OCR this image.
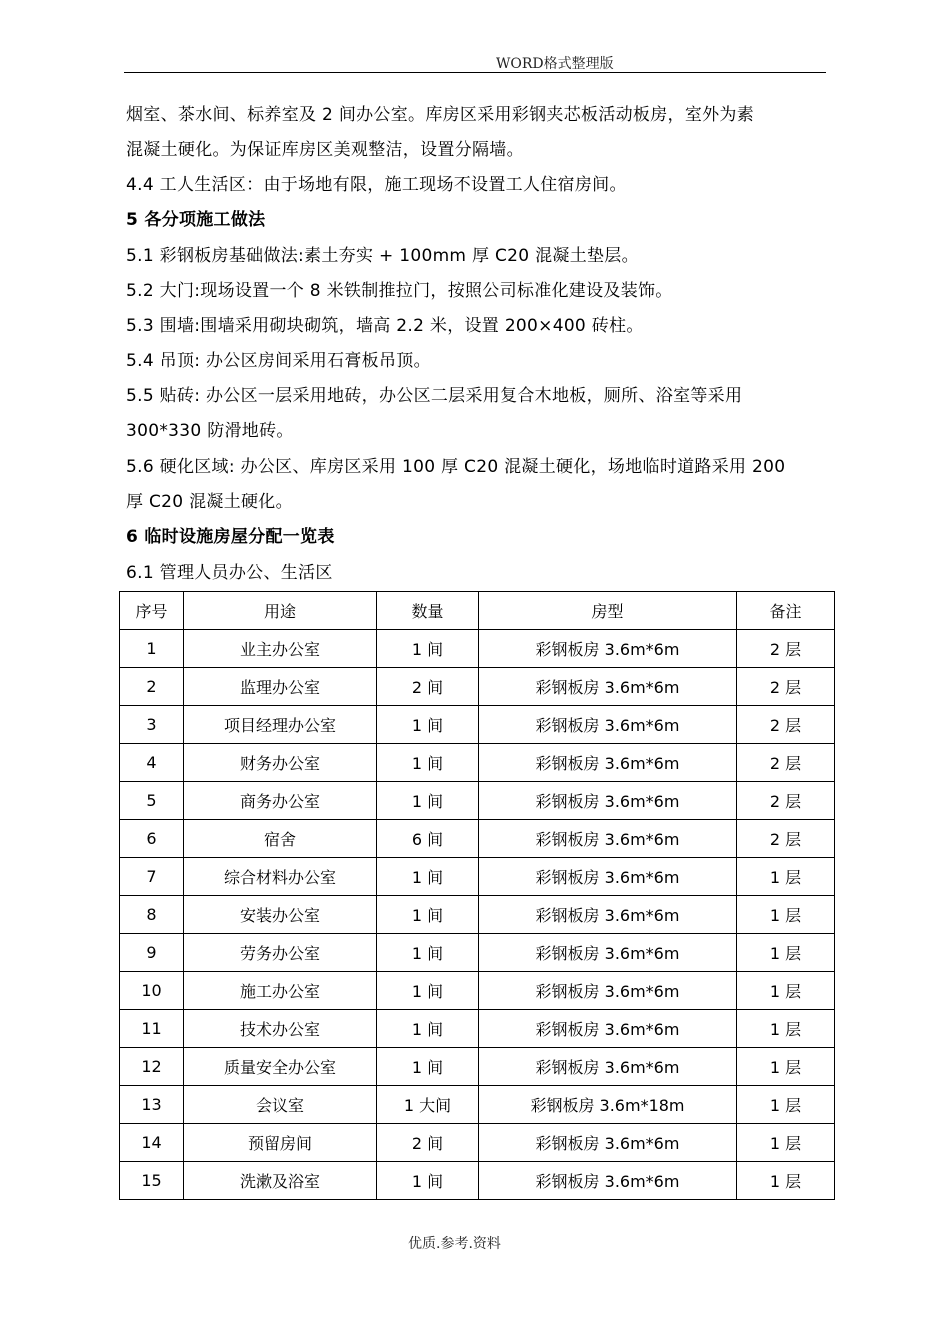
WORD格式整理版
烟室、茶水间、标养室及 2 间办公室。库房区采用彩钢夹芯板活动板房，室外为素
混凝土硬化。为保证库房区美观整洁，设置分隔墙。
4.4 工人生活区：由于场地有限，施工现场不设置工人住宿房间。
5 各分项施工做法
5.1 彩钢板房基础做法:素土夯实 + 100mm 厚 C20 混凝土垫层。
5.2 大门:现场设置一个 8 米铁制推拉门，按照公司标准化建设及装饰。
5.3 围墙:围墙采用砌块砌筑，墙高 2.2 米，设置 200×400 砖柱。
5.4 吊顶: 办公区房间采用石膏板吊顶。
5.5 贴砖: 办公区一层采用地砖，办公区二层采用复合木地板，厕所、浴室等采用
300*330 防滑地砖。
5.6 硬化区域: 办公区、库房区采用 100 厚 C20 混凝土硬化，场地临时道路采用 200
厚 C20 混凝土硬化。
6 临时设施房屋分配一览表
6.1 管理人员办公、生活区
序号	用途	数量	房型	备注
1	业主办公室	1 间	彩钢板房 3.6m*6m	2 层
2	监理办公室	2 间	彩钢板房 3.6m*6m	2 层
3	项目经理办公室	1 间	彩钢板房 3.6m*6m	2 层
4	财务办公室	1 间	彩钢板房 3.6m*6m	2 层
5	商务办公室	1 间	彩钢板房 3.6m*6m	2 层
6	宿舍	6 间	彩钢板房 3.6m*6m	2 层
7	综合材料办公室	1 间	彩钢板房 3.6m*6m	1 层
8	安装办公室	1 间	彩钢板房 3.6m*6m	1 层
9	劳务办公室	1 间	彩钢板房 3.6m*6m	1 层
10	施工办公室	1 间	彩钢板房 3.6m*6m	1 层
11	技术办公室	1 间	彩钢板房 3.6m*6m	1 层
12	质量安全办公室	1 间	彩钢板房 3.6m*6m	1 层
13	会议室	1 大间	彩钢板房 3.6m*18m	1 层
14	预留房间	2 间	彩钢板房 3.6m*6m	1 层
15	洗漱及浴室	1 间	彩钢板房 3.6m*6m	1 层
优质.参考.资料
